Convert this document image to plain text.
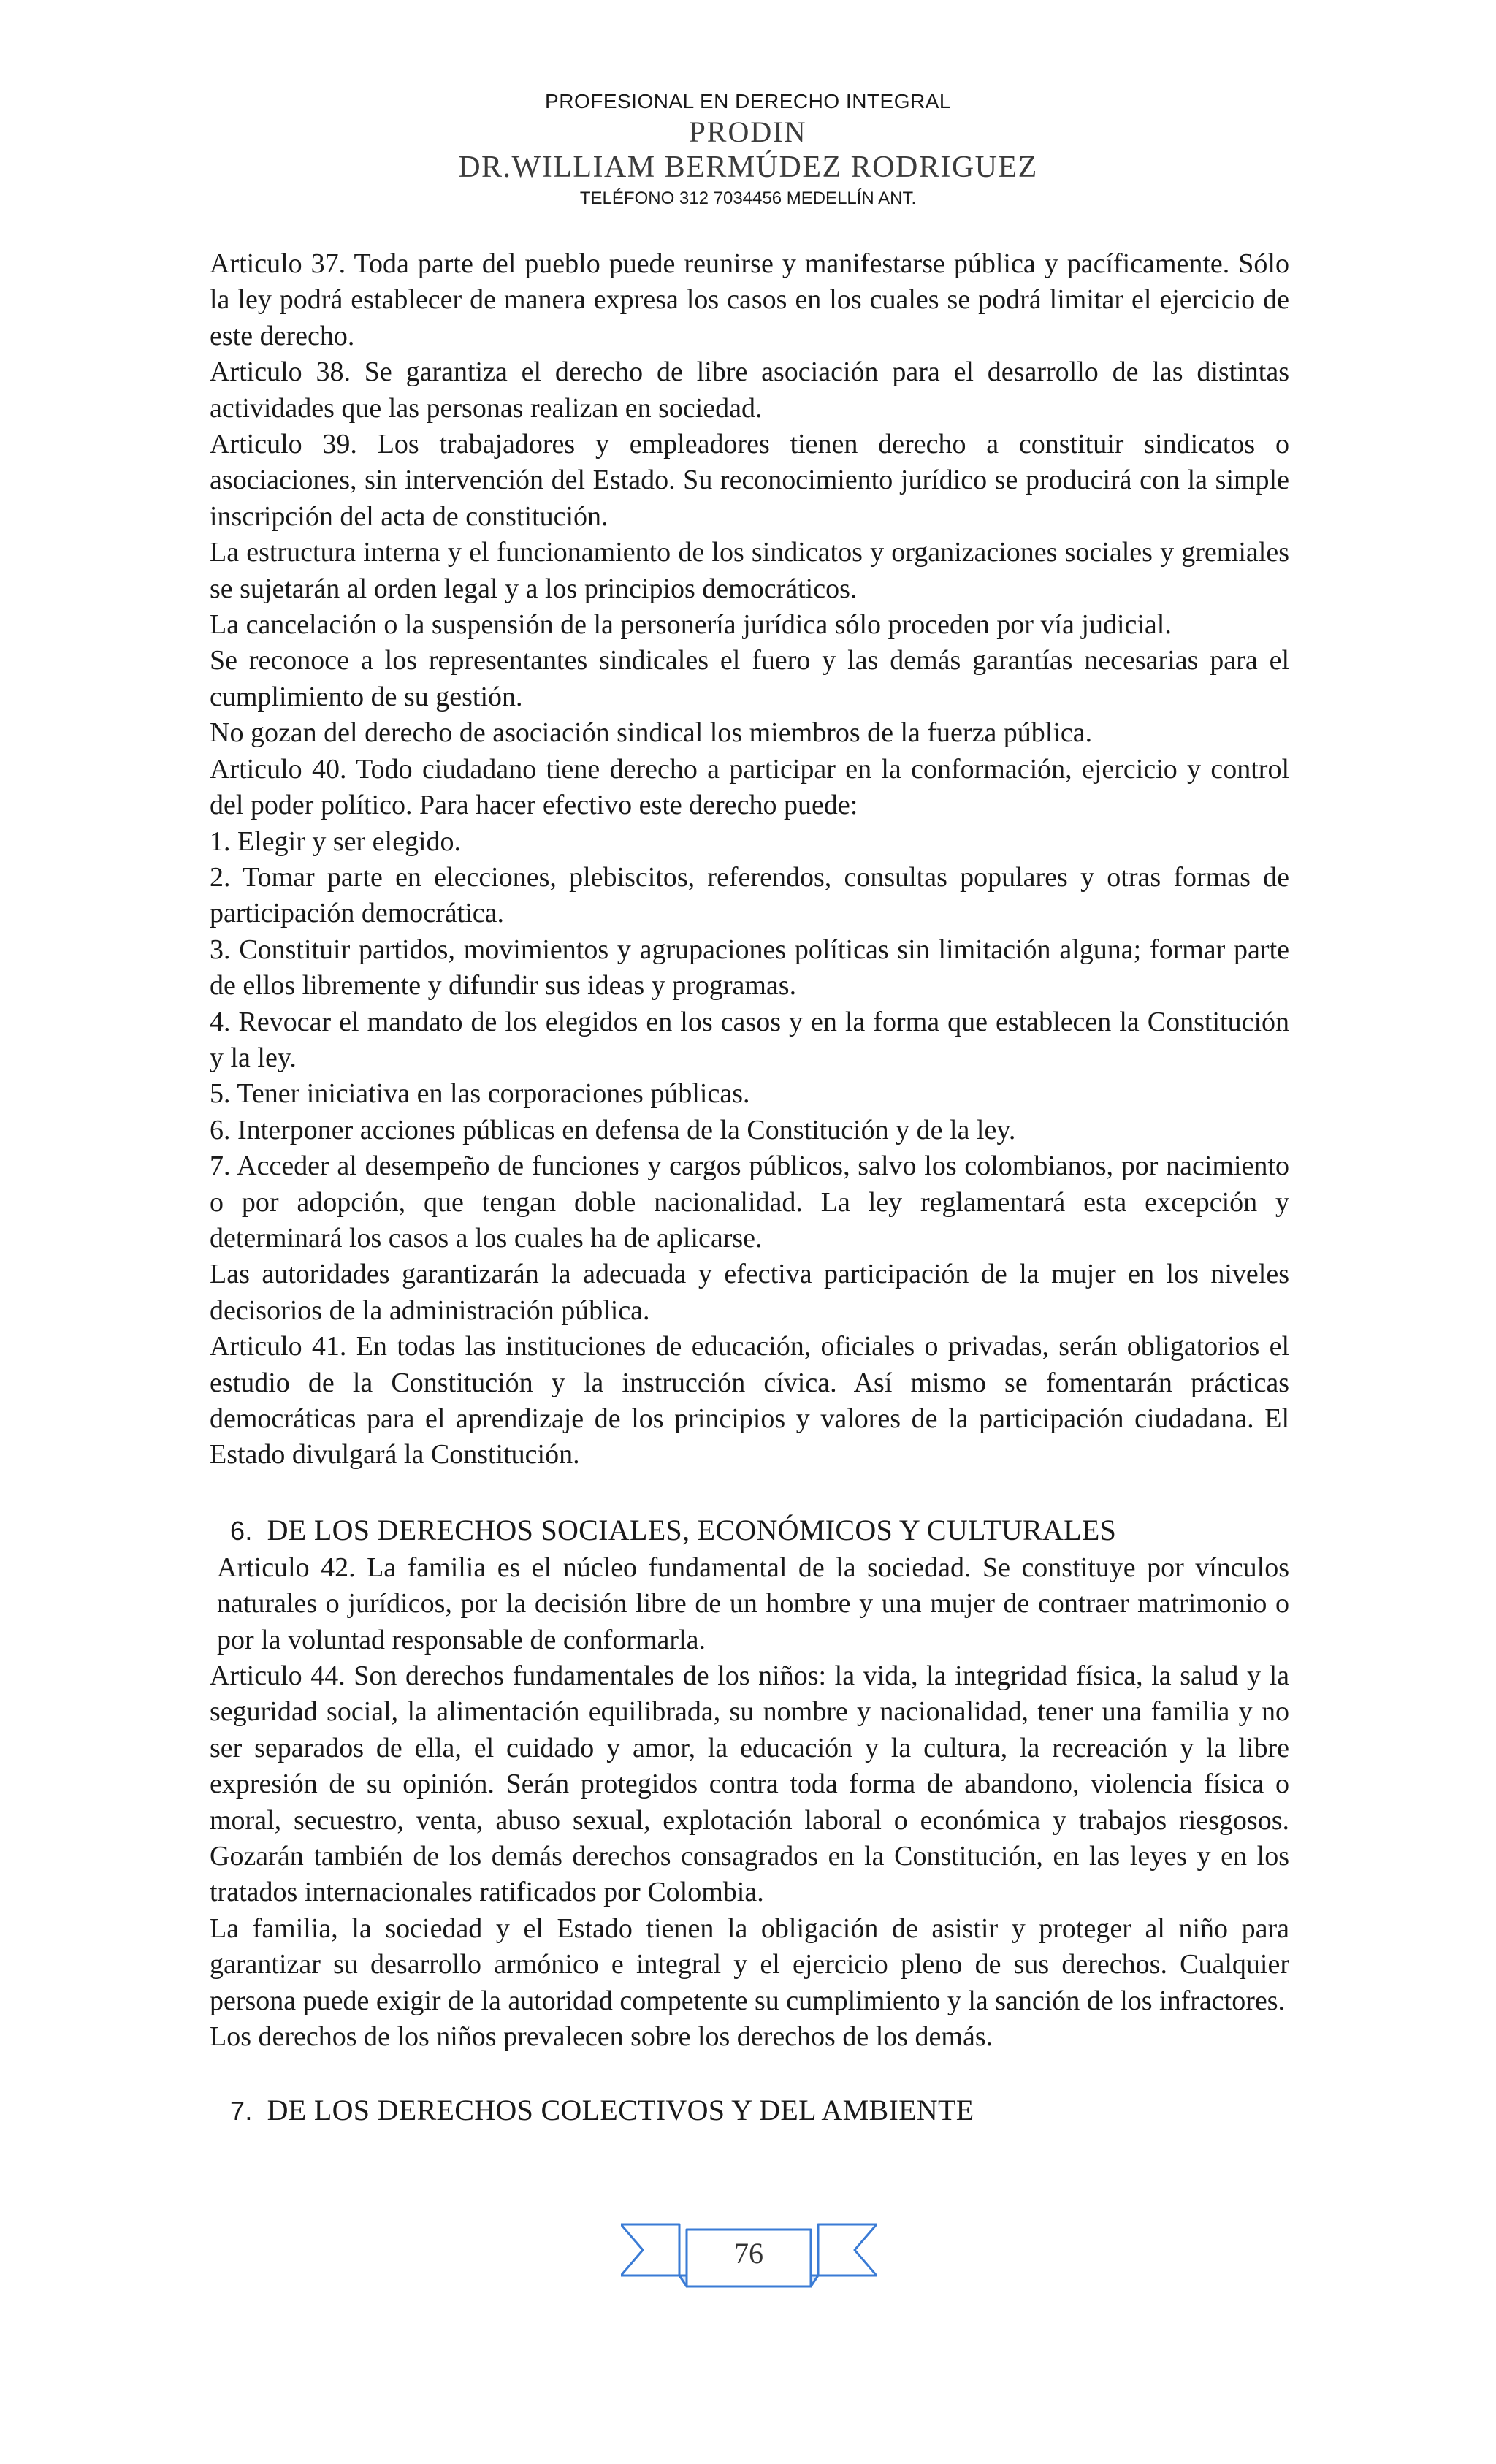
PROFESIONAL EN DERECHO INTEGRAL
PRODIN
DR.WILLIAM BERMÚDEZ RODRIGUEZ
TELÉFONO 312 7034456 MEDELLÍN ANT.

Articulo 37. Toda parte del pueblo puede reunirse y manifestarse pública y pacíficamente. Sólo la ley podrá establecer de manera expresa los casos en los cuales se podrá limitar el ejercicio de este derecho.

Articulo 38. Se garantiza el derecho de libre asociación para el desarrollo de las distintas actividades que las personas realizan en sociedad.

Articulo 39. Los trabajadores y empleadores tienen derecho a constituir sindicatos o asociaciones, sin intervención del Estado. Su reconocimiento jurídico se producirá con la simple inscripción del acta de constitución.

La estructura interna y el funcionamiento de los sindicatos y organizaciones sociales y gremiales se sujetarán al orden legal y a los principios democráticos.

La cancelación o la suspensión de la personería jurídica sólo proceden por vía judicial.

Se reconoce a los representantes sindicales el fuero y las demás garantías necesarias para el cumplimiento de su gestión.

No gozan del derecho de asociación sindical los miembros de la fuerza pública.

Articulo 40. Todo ciudadano tiene derecho a participar en la conformación, ejercicio y control del poder político. Para hacer efectivo este derecho puede:

1. Elegir y ser elegido.

2. Tomar parte en elecciones, plebiscitos, referendos, consultas populares y otras formas de participación democrática.

3. Constituir partidos, movimientos y agrupaciones políticas sin limitación alguna; formar parte de ellos libremente y difundir sus ideas y programas.

4. Revocar el mandato de los elegidos en los casos y en la forma que establecen la Constitución y la ley.

5. Tener iniciativa en las corporaciones públicas.

6. Interponer acciones públicas en defensa de la Constitución y de la ley.

7. Acceder al desempeño de funciones y cargos públicos, salvo los colombianos, por nacimiento o por adopción, que tengan doble nacionalidad. La ley reglamentará esta excepción y determinará los casos a los cuales ha de aplicarse.

Las autoridades garantizarán la adecuada y efectiva participación de la mujer en los niveles decisorios de la administración pública.

Articulo 41. En todas las instituciones de educación, oficiales o privadas, serán obligatorios el estudio de la Constitución y la instrucción cívica. Así mismo se fomentarán prácticas democráticas para el aprendizaje de los principios y valores de la participación ciudadana. El Estado divulgará la Constitución.

6. DE LOS DERECHOS SOCIALES, ECONÓMICOS Y CULTURALES

Articulo 42. La familia es el núcleo fundamental de la sociedad. Se constituye por vínculos naturales o jurídicos, por la decisión libre de un hombre y una mujer de contraer matrimonio o por la voluntad responsable de conformarla.

Articulo 44. Son derechos fundamentales de los niños: la vida, la integridad física, la salud y la seguridad social, la alimentación equilibrada, su nombre y nacionalidad, tener una familia y no ser separados de ella, el cuidado y amor, la educación y la cultura, la recreación y la libre expresión de su opinión. Serán protegidos contra toda forma de abandono, violencia física o moral, secuestro, venta, abuso sexual, explotación laboral o económica y trabajos riesgosos. Gozarán también de los demás derechos consagrados en la Constitución, en las leyes y en los tratados internacionales ratificados por Colombia.

La familia, la sociedad y el Estado tienen la obligación de asistir y proteger al niño para garantizar su desarrollo armónico e integral y el ejercicio pleno de sus derechos. Cualquier persona puede exigir de la autoridad competente su cumplimiento y la sanción de los infractores.

Los derechos de los niños prevalecen sobre los derechos de los demás.

7. DE LOS DERECHOS COLECTIVOS Y DEL AMBIENTE
76
